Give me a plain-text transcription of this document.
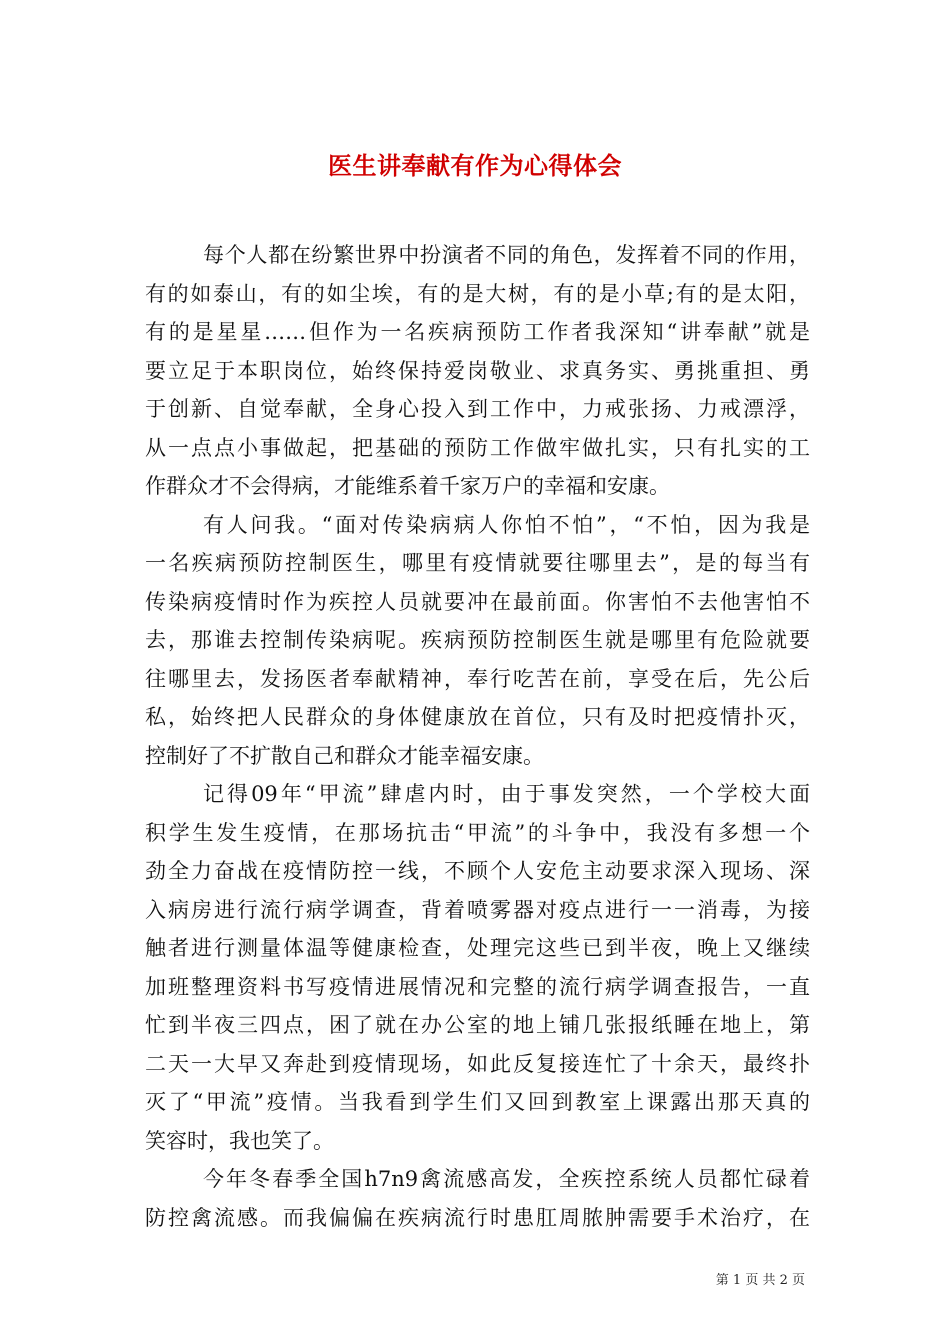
医生讲奉献有作为心得体会
每个人都在纷繁世界中扮演者不同的角色，发挥着不同的作用，
有的如泰山，有的如尘埃，有的是大树，有的是小草;有的是太阳，
有的是星星……但作为一名疾病预防工作者我深知“讲奉献”就是
要立足于本职岗位，始终保持爱岗敬业、求真务实、勇挑重担、勇
于创新、自觉奉献，全身心投入到工作中，力戒张扬、力戒漂浮，
从一点点小事做起，把基础的预防工作做牢做扎实，只有扎实的工
作群众才不会得病，才能维系着千家万户的幸福和安康。
有人问我。“面对传染病病人你怕不怕”，“不怕，因为我是
一名疾病预防控制医生，哪里有疫情就要往哪里去”，是的每当有
传染病疫情时作为疾控人员就要冲在最前面。你害怕不去他害怕不
去，那谁去控制传染病呢。疾病预防控制医生就是哪里有危险就要
往哪里去，发扬医者奉献精神，奉行吃苦在前，享受在后，先公后
私，始终把人民群众的身体健康放在首位，只有及时把疫情扑灭，
控制好了不扩散自己和群众才能幸福安康。
记得09年“甲流”肆虐内时，由于事发突然，一个学校大面
积学生发生疫情，在那场抗击“甲流”的斗争中，我没有多想一个
劲全力奋战在疫情防控一线，不顾个人安危主动要求深入现场、深
入病房进行流行病学调查，背着喷雾器对疫点进行一一消毒，为接
触者进行测量体温等健康检查，处理完这些已到半夜，晚上又继续
加班整理资料书写疫情进展情况和完整的流行病学调查报告，一直
忙到半夜三四点，困了就在办公室的地上铺几张报纸睡在地上，第
二天一大早又奔赴到疫情现场，如此反复接连忙了十余天，最终扑
灭了“甲流”疫情。当我看到学生们又回到教室上课露出那天真的
笑容时，我也笑了。
今年冬春季全国h7n9禽流感高发，全疾控系统人员都忙碌着
防控禽流感。而我偏偏在疾病流行时患肛周脓肿需要手术治疗，在
第 1 页 共 2 页
